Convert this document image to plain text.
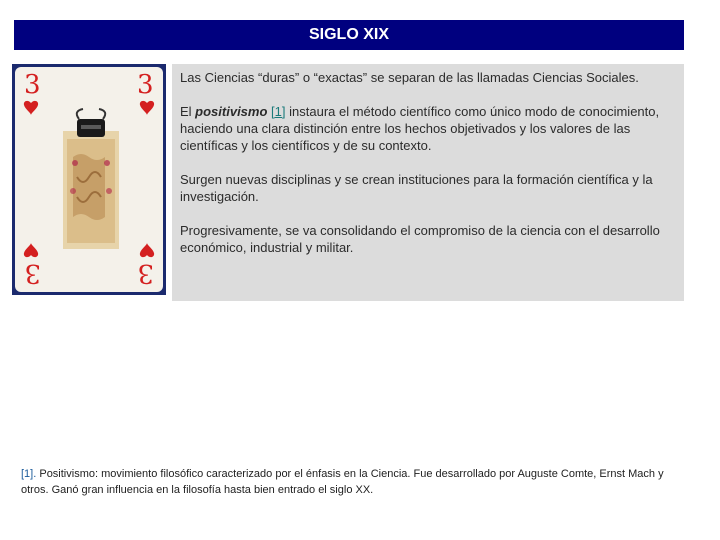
SIGLO XIX
3	3
3
3

Las Ciencias “duras” o “exactas” se separan de las llamadas Ciencias Sociales.

El positivismo [1] instaura el método científico como único modo de conocimiento, haciendo una clara distinción entre los hechos objetivados y los valores de las científicas y los científicos y de su contexto.

Surgen nuevas disciplinas y se crean instituciones para la formación científica y la investigación.

Progresivamente, se va consolidando el compromiso de la ciencia con el desarrollo económico, industrial y militar.

[1]. Positivismo: movimiento filosófico caracterizado por el énfasis en la Ciencia. Fue desarrollado por Auguste Comte, Ernst Mach y otros. Ganó gran influencia en la filosofía hasta bien entrado el siglo XX.
